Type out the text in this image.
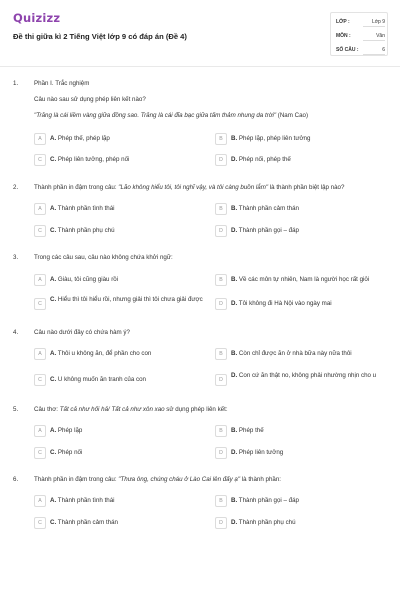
Quizizz
Đề thi giữa kì 2 Tiếng Việt lớp 9 có đáp án (Đề 4)
LỚP :	Lớp 9
MÔN :	Văn
SỐ CÂU :	6
1.	Phần I. Trắc nghiệm
Câu nào sau sử dụng phép liên kết nào?
"Trăng là cái liềm vàng giữa đồng sao. Trăng là cái đĩa bạc giữa tấm thảm nhung da trời" (Nam Cao)
A	A. Phép thế, phép lặp	B	B. Phép lặp, phép liên tưởng
C	C. Phép liên tưởng, phép nối	D	D. Phép nối, phép thế
2.	Thành phần in đậm trong câu: "Lão không hiểu tôi, tôi nghĩ vậy, và tôi càng buồn lắm" là thành phần biệt lập nào?
A	A. Thành phần tình thái	B	B. Thành phần cảm thán
C	C. Thành phần phụ chú	D	D. Thành phần gọi – đáp
3.	Trong các câu sau, câu nào không chứa khởi ngữ:
A	A. Giàu, tôi cũng giàu rồi	B	B. Về các môn tự nhiên, Nam là người học rất giỏi
C
C. Hiểu thì tôi hiểu rồi, nhưng giải thì tôi chưa giải được
D	D. Tôi không đi Hà Nội vào ngày mai
4.	Câu nào dưới đây có chứa hàm ý?
A	A. Thôi u không ăn, để phần cho con	B	B. Còn chỉ được ăn ở nhà bữa này nữa thôi
C	C. U không muốn ăn tranh của con	D
D. Con cứ ăn thật no, không phải nhường nhịn cho u
5.	Câu thơ: Tất cả như hối hả/ Tất cả như xôn xao sử dụng phép liên kết:
A	A. Phép lặp	B	B. Phép thế
C	C. Phép nối	D	D. Phép liên tưởng
6.	Thành phần in đậm trong câu: "Thưa ông, chúng cháu ở Lào Cai lên đấy ạ" là thành phần:
A	A. Thành phần tình thái	B	B. Thành phần gọi – đáp
C	C. Thành phần cảm thán	D	D. Thành phần phụ chú
